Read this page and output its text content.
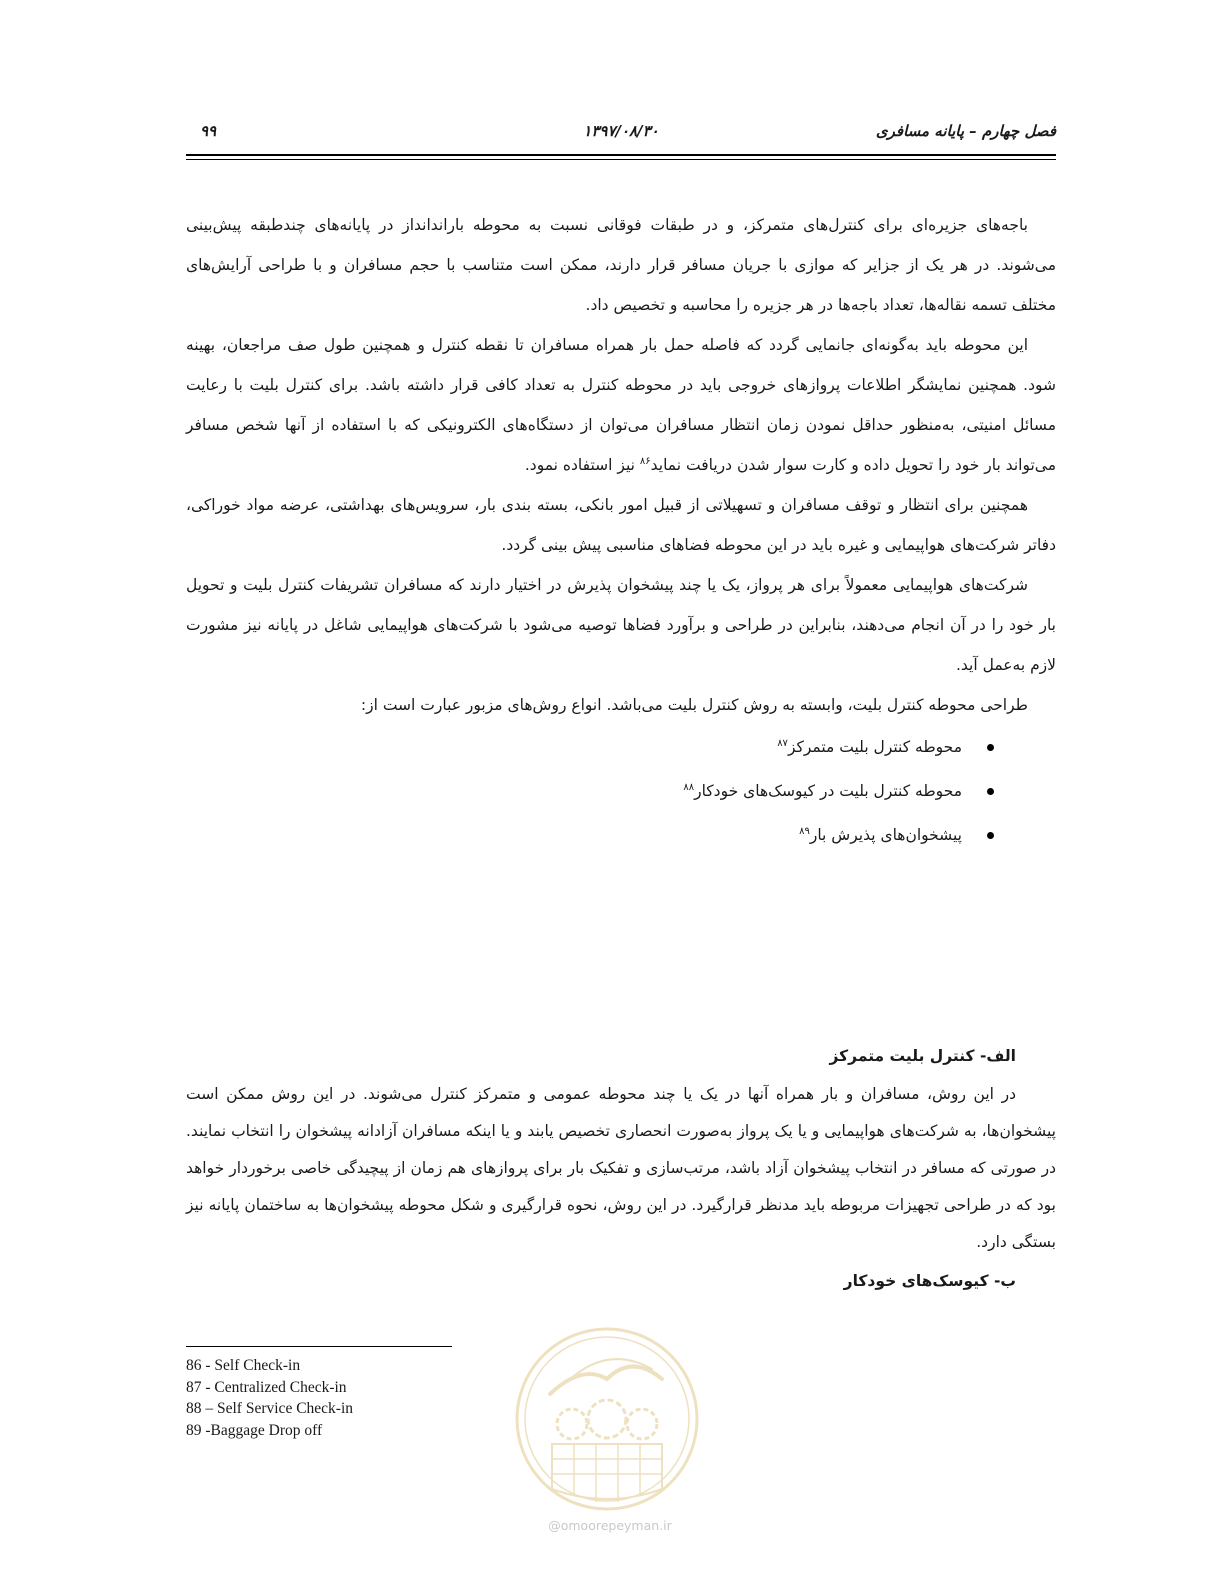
فصل چهارم – پایانه مسافری
۱۳۹۷/۰۸/۳۰
۹۹

باجه‌های جزیره‌ای برای کنترل‌های متمرکز، و در طبقات فوقانی نسبت به محوطه باراندانداز در پایانه‌های چندطبقه پیش‌بینی می‌شوند. در هر یک از جزایر که موازی با جریان مسافر قرار دارند، ممکن است متناسب با حجم مسافران و با طراحی آرایش‌های مختلف تسمه نقاله‌ها، تعداد باجه‌ها در هر جزیره را محاسبه و تخصیص داد.

این محوطه باید به‌گونه‌ای جانمایی گردد که فاصله حمل بار همراه مسافران تا نقطه کنترل و همچنین طول صف مراجعان، بهینه شود. همچنین نمایشگر اطلاعات پروازهای خروجی باید در محوطه کنترل به تعداد کافی قرار داشته باشد. برای کنترل بلیت با رعایت مسائل امنیتی، به‌منظور حداقل نمودن زمان انتظار مسافران می‌توان از دستگاه‌های الکترونیکی که با استفاده از آنها شخص مسافر می‌تواند بار خود را تحویل داده و کارت سوار شدن دریافت نماید$^{۸۶}$ نیز استفاده نمود.

همچنین برای انتظار و توقف مسافران و تسهیلاتی از قبیل امور بانکی، بسته بندی بار، سرویس‌های بهداشتی، عرضه مواد خوراکی، دفاتر شرکت‌های هواپیمایی و غیره باید در این محوطه فضاهای مناسبی پیش بینی گردد.

شرکت‌های هواپیمایی معمولاً برای هر پرواز، یک یا چند پیشخوان پذیرش در اختیار دارند که مسافران تشریفات کنترل بلیت و تحویل بار خود را در آن انجام می‌دهند، بنابراین در طراحی و برآورد فضاها توصیه می‌شود با شرکت‌های هواپیمایی شاغل در پایانه نیز مشورت لازم به‌عمل آید.

طراحی محوطه کنترل بلیت، وابسته به روش کنترل بلیت می‌باشد. انواع روش‌های مزبور عبارت است از:

محوطه کنترل بلیت متمرکز$^{۸۷}$
محوطه کنترل بلیت در کیوسک‌های خودکار$^{۸۸}$
پیشخوان‌های پذیرش بار$^{۸۹}$
الف- کنترل بلیت متمرکز

در این روش، مسافران و بار همراه آنها در یک یا چند محوطه عمومی و متمرکز کنترل می‌شوند. در این روش ممکن است پیشخوان‌ها، به شرکت‌های هواپیمایی و یا یک پرواز به‌صورت انحصاری تخصیص یابند و یا اینکه مسافران آزادانه پیشخوان را انتخاب نمایند. در صورتی که مسافر در انتخاب پیشخوان آزاد باشد، مرتب‌سازی و تفکیک بار برای پروازهای هم زمان از پیچیدگی خاصی برخوردار خواهد بود که در طراحی تجهیزات مربوطه باید مدنظر قرارگیرد. در این روش، نحوه قرارگیری و شکل محوطه پیشخوان‌ها به ساختمان پایانه نیز بستگی دارد.

ب- کیوسک‌های خودکار
86 - Self Check-in
87 - Centralized Check-in
88 – Self Service Check-in
89 -Baggage Drop off
@omoorepeyman.ir
